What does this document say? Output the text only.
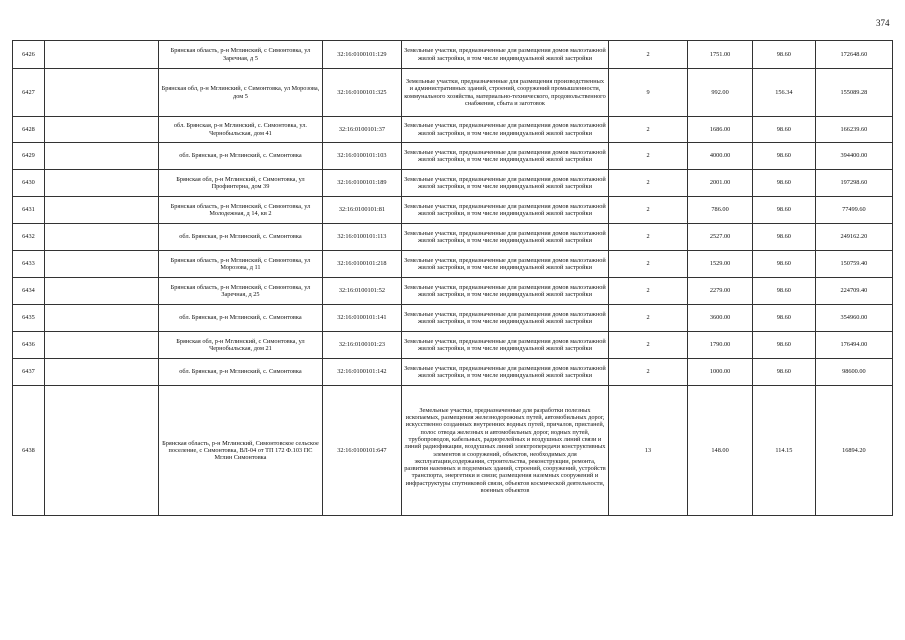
374
6426		Брянская область, р-н Мглинский, с Симонтовка, ул Заречная, д 5	32:16:0100101:129	Земельные участки, предназначенные для размещения домов малоэтажной жилой застройки, в том числе индивидуальной жилой застройки	2	1751.00	98.60	172648.60
6427		Брянская обл, р-н Мглинский, с Симонтовка, ул Морозова, дом 5	32:16:0100101:325	Земельные участки, предназначенные для размещения производственных и административных зданий, строений, сооружений промышленности, коммунального хозяйства, материально-технического, продовольственного снабжения, сбыта и заготовок	9	992.00	156.34	155089.28
6428		обл. Брянская, р-н Мглинский, с. Симонтовка, ул. Чернобыльская, дом 41	32:16:0100101:37	Земельные участки, предназначенные для размещения домов малоэтажной жилой застройки, в том числе индивидуальной жилой застройки	2	1686.00	98.60	166239.60
6429		обл. Брянская, р-н Мглинский, с. Симонтовка	32:16:0100101:103	Земельные участки, предназначенные для размещения домов малоэтажной жилой застройки, в том числе индивидуальной жилой застройки	2	4000.00	98.60	394400.00
6430		Брянская обл, р-н Мглинский, с Симонтовка, ул Профинтерна, дом 39	32:16:0100101:189	Земельные участки, предназначенные для размещения домов малоэтажной жилой застройки, в том числе индивидуальной жилой застройки	2	2001.00	98.60	197298.60
6431		Брянская область, р-н Мглинский, с Симонтовка, ул Молодежная, д 14, кв 2	32:16:0100101:81	Земельные участки, предназначенные для размещения домов малоэтажной жилой застройки, в том числе индивидуальной жилой застройки	2	786.00	98.60	77499.60
6432		обл. Брянская, р-н Мглинский, с. Симонтовка	32:16:0100101:113	Земельные участки, предназначенные для размещения домов малоэтажной жилой застройки, в том числе индивидуальной жилой застройки	2	2527.00	98.60	249162.20
6433		Брянская область, р-н Мглинский, с Симонтовка, ул Морозова, д 11	32:16:0100101:218	Земельные участки, предназначенные для размещения домов малоэтажной жилой застройки, в том числе индивидуальной жилой застройки	2	1529.00	98.60	150759.40
6434		Брянская область, р-н Мглинский, с Симонтовка, ул Заречная, д 25	32:16:0100101:52	Земельные участки, предназначенные для размещения домов малоэтажной жилой застройки, в том числе индивидуальной жилой застройки	2	2279.00	98.60	224709.40
6435		обл. Брянская, р-н Мглинский, с. Симонтовка	32:16:0100101:141	Земельные участки, предназначенные для размещения домов малоэтажной жилой застройки, в том числе индивидуальной жилой застройки	2	3600.00	98.60	354960.00
6436		Брянская обл, р-н Мглинский, с Симонтовка, ул Чернобыльская, дом 21	32:16:0100101:23	Земельные участки, предназначенные для размещения домов малоэтажной жилой застройки, в том числе индивидуальной жилой застройки	2	1790.00	98.60	176494.00
6437		обл. Брянская, р-н Мглинский, с. Симонтовка	32:16:0100101:142	Земельные участки, предназначенные для размещения домов малоэтажной жилой застройки, в том числе индивидуальной жилой застройки	2	1000.00	98.60	98600.00
6438		Брянская область, р-н Мглинский, Симонтовское сельское поселение, с Симонтовка, ВЛ-04 от ТП 172 Ф.103 ПС Мглин Симонтовка	32:16:0100101:647	Земельные участки, предназначенные для разработки полезных ископаемых, размещения железнодорожных путей, автомобильных дорог, искусственно созданных внутренних водных путей, причалов, пристаней, полос отвода железных и автомобильных дорог, водных путей, трубопроводов, кабельных, радиорелейных и воздушных линий связи и линий радиофикации, воздушных линий электропередачи конструктивных элементов и сооружений, объектов, необходимых для эксплуатации,содержания, строительства, реконструкции, ремонта, развития наземных и подземных зданий, строений, сооружений, устройств транспорта, энергетики и связи; размещения наземных сооружений и инфраструктуры спутниковой связи, объектов космической деятельности, военных объектов	13	148.00	114.15	16894.20
